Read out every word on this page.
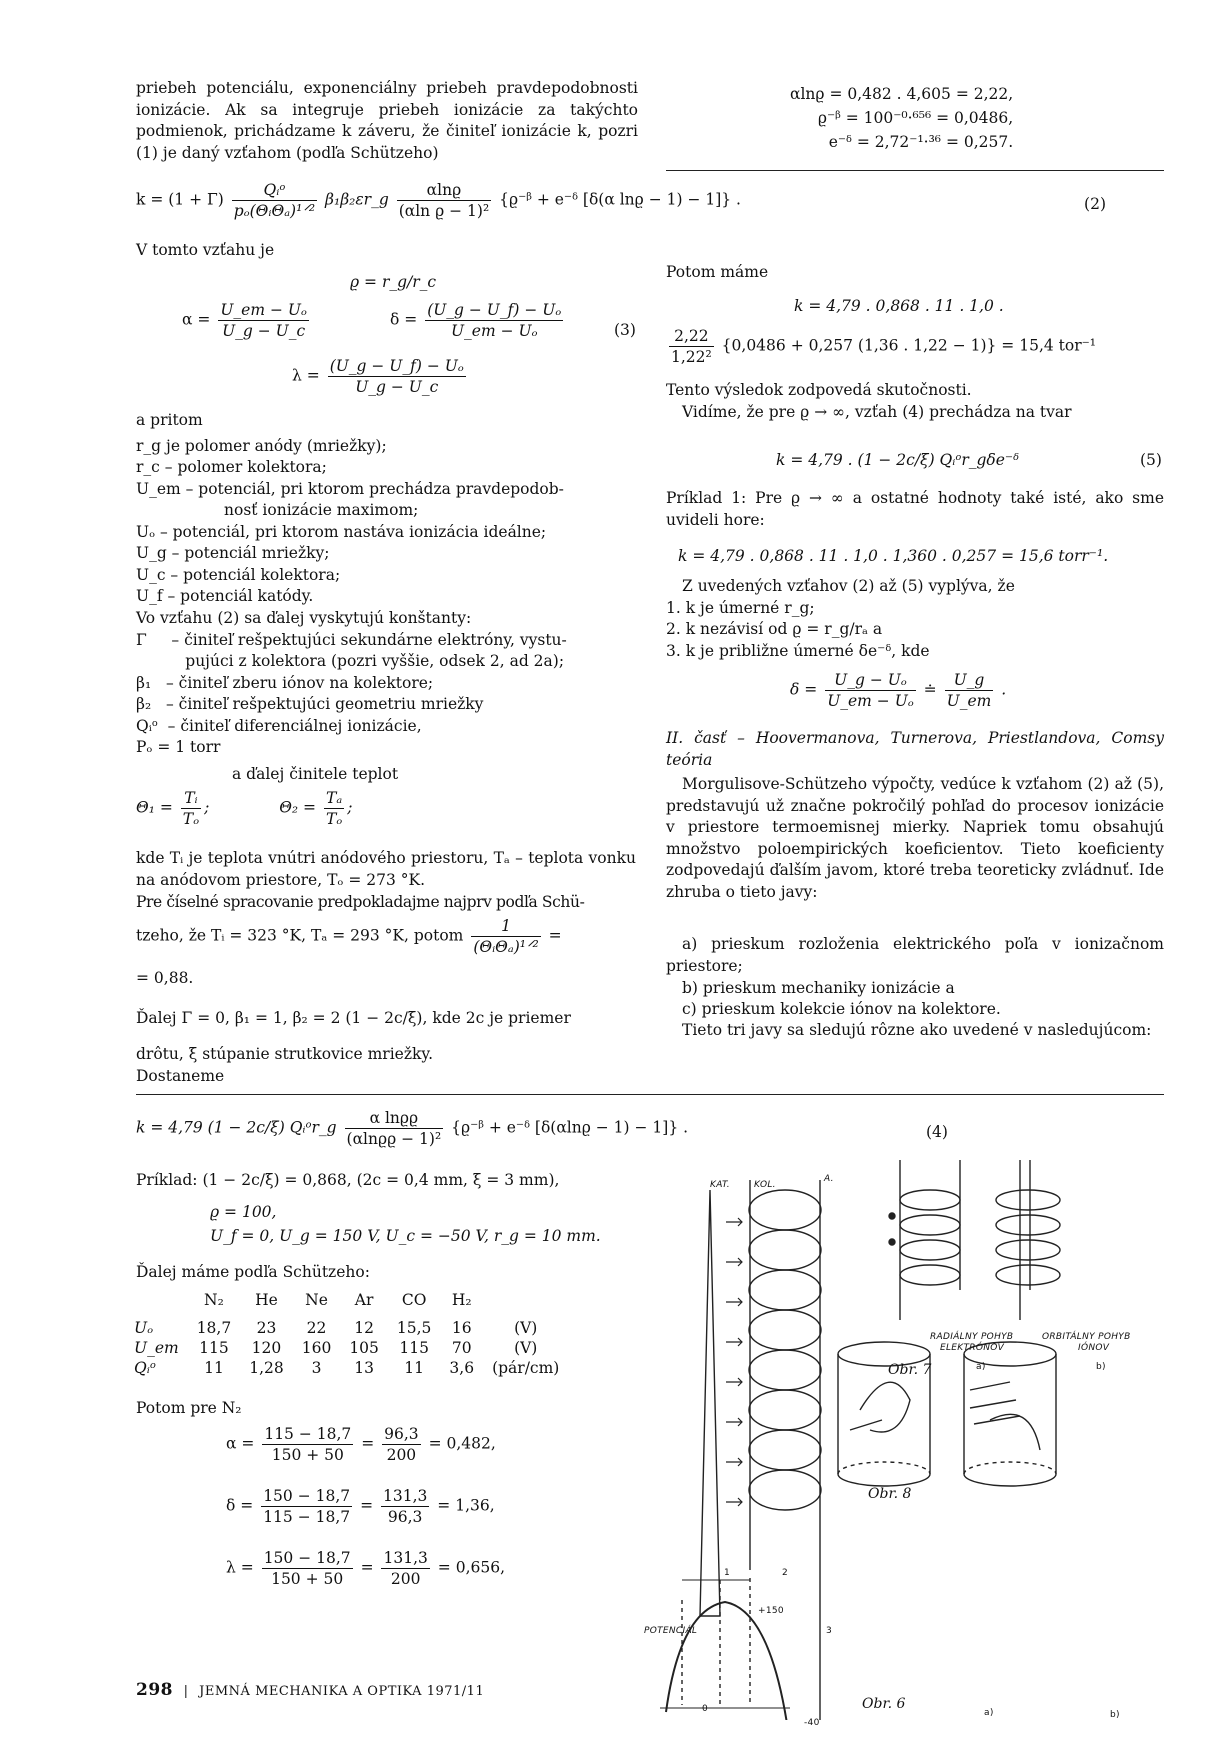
priebeh potenciálu, exponenciálny priebeh pravdepodobnosti ionizácie. Ak sa integruje priebeh ionizácie za takýchto podmienok, prichádzame k záveru, že činiteľ ionizácie k, pozri (1) je daný vzťahom (podľa Schützeho)
αlnϱ = 0,482 . 4,605 = 2,22,
ϱ⁻ᵝ = 100⁻⁰·⁶⁵⁶ = 0,0486,
e⁻ᵟ = 2,72⁻¹·³⁶ = 0,257.
$k = (1 + \Gamma) \frac{\text{Qᵢᵒ}}{\text{pₒ(ΘᵢΘₐ)¹ᐟ²}}$ β₁β₂εr_g $\frac{\alpha\ln ϱ}{\text{(αln ϱ − 1)²}}$ {ϱ⁻ᵝ + e⁻ᵟ [δ(α lnϱ − 1) − 1]} .	(2)
V tomto vzťahu je
ϱ = r_g/r_c
$\alpha = \frac{\text{U\_em − Uₒ}}{U\_g - U\_c}$	$\delta = \frac{\text{(U\_g − U\_f) − Uₒ}}{\text{U\_em − Uₒ}}$	(3)
$\lambda = \frac{\text{(U\_g − U\_f) − Uₒ}}{U\_g - U\_c}$
a pritom
r_g je polomer anódy (mriežky);
r_c – polomer kolektora;
U_em – potenciál, pri ktorom prechádza pravdepodob-
nosť ionizácie maximom;
Uₒ – potenciál, pri ktorom nastáva ionizácia ideálne;
U_g – potenciál mriežky;
U_c – potenciál kolektora;
U_f – potenciál katódy.
Vo vzťahu (2) sa ďalej vyskytujú konštanty:
Γ     – činiteľ rešpektujúci sekundárne elektróny, vystu-
pujúci z kolektora (pozri vyššie, odsek 2, ad 2a);
β₁   – činiteľ zberu iónov na kolektore;
β₂   – činiteľ rešpektujúci geometriu mriežky
Qᵢᵒ  – činiteľ diferenciálnej ionizácie,
Pₒ = 1 torr
a ďalej činitele teplot
$\Theta_1 = \frac{\text{Tᵢ}}{\text{Tₒ}}$ ;	$\Theta_2 = \frac{\text{Tₐ}}{\text{Tₒ}}$ ;
kde Tᵢ je teplota vnútri anódového priestoru, Tₐ – teplota vonku na anódovom priestore, Tₒ = 273 °K.
Pre číselné spracovanie predpokladajme najprv podľa Schü-
tzeho, že Tᵢ = 323 °K, Tₐ = 293 °K, potom $\frac{1}{\text{(ΘᵢΘₐ)¹ᐟ²}}$ =
= 0,88.
Ďalej Γ = 0, β₁ = 1, β₂ = 2 (1 − 2c/ξ), kde 2c je priemer
drôtu, ξ stúpanie strutkovice mriežky.
Dostaneme
k = 4,79 (1 − 2c/ξ) Qᵢᵒr_g $\frac{\text{α lnϱϱ}}{\text{(αlnϱϱ − 1)²}}$ {ϱ⁻ᵝ + e⁻ᵟ [δ(αlnϱ − 1) − 1]} .	(4)
Príklad: (1 − 2c/ξ) = 0,868, (2c = 0,4 mm, ξ = 3 mm),
ϱ = 100,
U_f = 0, U_g = 150 V, U_c = −50 V, r_g = 10 mm.
Ďalej máme podľa Schützeho:
	N₂	He	Ne	Ar	CO	H₂	

Uₒ	18,7	23	22	12	15,5	16	(V)
U_em	115	120	160	105	115	70	(V)
Qᵢᵒ	11	1,28	3	13	11	3,6	(pár/cm)
Potom pre N₂
$\alpha = \frac{115 - 18,7}{150 + 50} = \frac{96,3}{200} = 0,482$,
$\delta = \frac{150 - 18,7}{115 - 18,7} = \frac{131,3}{96,3} = 1,36$,
$\lambda = \frac{150 - 18,7}{150 + 50} = \frac{131,3}{200} = 0,656$,
Potom máme
k = 4,79 . 0,868 . 11 . 1,0 .
$\frac{2,22}{\text{1,22²}} \{0,0486 + 0,257$ (1,36 . 1,22 − 1)} = 15,4 tor⁻¹
Tento výsledok zodpovedá skutočnosti.
Vidíme, že pre ϱ → ∞, vzťah (4) prechádza na tvar
k = 4,79 . (1 − 2c/ξ) Qᵢᵒr_gδe⁻ᵟ	(5)
Príklad 1: Pre ϱ → ∞ a ostatné hodnoty také isté, ako sme uvideli hore:
k = 4,79 . 0,868 . 11 . 1,0 . 1,360 . 0,257 = 15,6 torr⁻¹.
Z uvedených vzťahov (2) až (5) vyplýva, že
1. k je úmerné r_g;
2. k nezávisí od ϱ = r_g/rₐ a
3. k je približne úmerné δe⁻ᵟ, kde
$\delta = \frac{\text{U\_g − Uₒ}}{\text{U\_em − Uₒ}}$ ≐ $\frac{U\_g}{U\_em}$ .
II. časť – Hoovermanova, Turnerova, Priestlandova, Comsy teória
Morgulisove-Schützeho výpočty, vedúce k vzťahom (2) až (5), predstavujú už značne pokročilý pohľad do procesov ionizácie v priestore termoemisnej mierky. Napriek tomu obsahujú množstvo poloempirických koeficientov. Tieto koeficienty zodpovedajú ďalším javom, ktoré treba teoreticky zvládnuť. Ide zhruba o tieto javy:
a) prieskum rozloženia elektrického poľa v ionizačnom priestore;
b) prieskum mechaniky ionizácie a
c) prieskum kolekcie iónov na kolektore.
Tieto tri javy sa sledujú rôzne ako uvedené v nasledujúcom:
KAT.	KOL.
A.
1	2
POTENCIÁL
+150
3
0
-40
Obr. 6
RADIÁLNY POHYB
ELEKTRÓNOV
ORBITÁLNY POHYB
IÓNOV
Obr. 7	a)	b)
Obr. 8
a)	b)
298 | JEMNÁ MECHANIKA A OPTIKA 1971/11
